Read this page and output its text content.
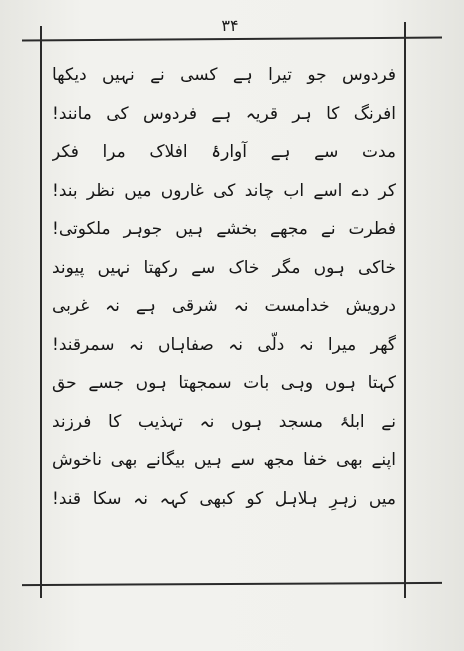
۳۴
فردوس جو تیرا ہے کسی نے نہیں دیکھا
افرنگ کا ہر قریہ ہے فردوس کی مانند!
مدت سے ہے آوارۂ افلاک مرا فکر
کر دے اسے اب چاند کی غاروں میں نظر بند!
فطرت نے مجھے بخشے ہیں جوہر ملکوتی!
خاکی ہوں مگر خاک سے رکھتا نہیں پیوند
درویش خدامست نہ شرقی ہے نہ غربی
گھر میرا نہ دلّی نہ صفاہاں نہ سمرقند!
کہتا ہوں وہی بات سمجھتا ہوں جسے حق
نے ابلۂ مسجد ہوں نہ تہذیب کا فرزند
اپنے بھی خفا مجھ سے ہیں بیگانے بھی ناخوش
میں زہرِ ہلاہل کو کبھی کہہ نہ سکا قند!
